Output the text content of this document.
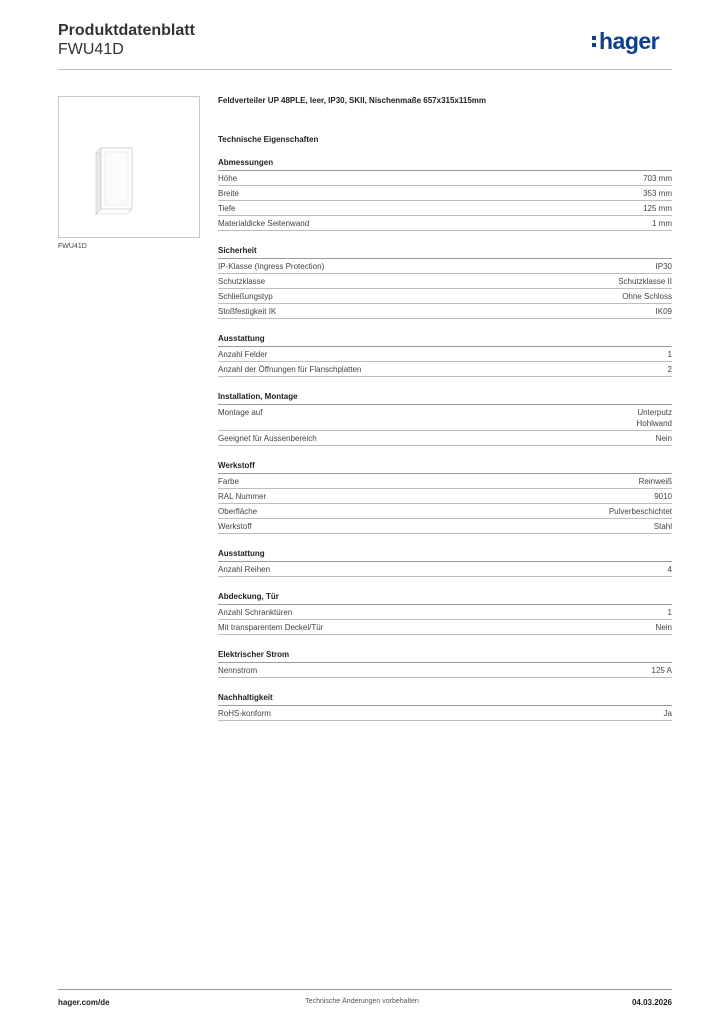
Produktdatenblatt
FWU41D	hager
FWU41D
Feldverteiler UP 48PLE, leer, IP30, SKII, Nischenmaße 657x315x115mm
Technische Eigenschaften
Abmessungen
Höhe	703 mm
Breite	353 mm
Tiefe	125 mm
Materialdicke Seitenwand	1 mm
Sicherheit
IP-Klasse (Ingress Protection)	IP30
Schutzklasse	Schutzklasse II
Schließungstyp	Ohne Schloss
Stoßfestigkeit IK	IK09
Ausstattung
Anzahl Felder	1
Anzahl der Öffnungen für Flanschplatten	2
Installation, Montage
Montage auf	Unterputz Hohlwand
Geeignet für Aussenbereich	Nein
Werkstoff
Farbe	Reinweiß
RAL Nummer	9010
Oberfläche	Pulverbeschichtet
Werkstoff	Stahl
Ausstattung
Anzahl Reihen	4
Abdeckung, Tür
Anzahl Schranktüren	1
Mit transparentem Deckel/Tür	Nein
Elektrischer Strom
Nennstrom	125 A
Nachhaltigkeit
RoHS-konform	Ja
hager.com/de	Technische Änderungen vorbehalten	04.03.2026
